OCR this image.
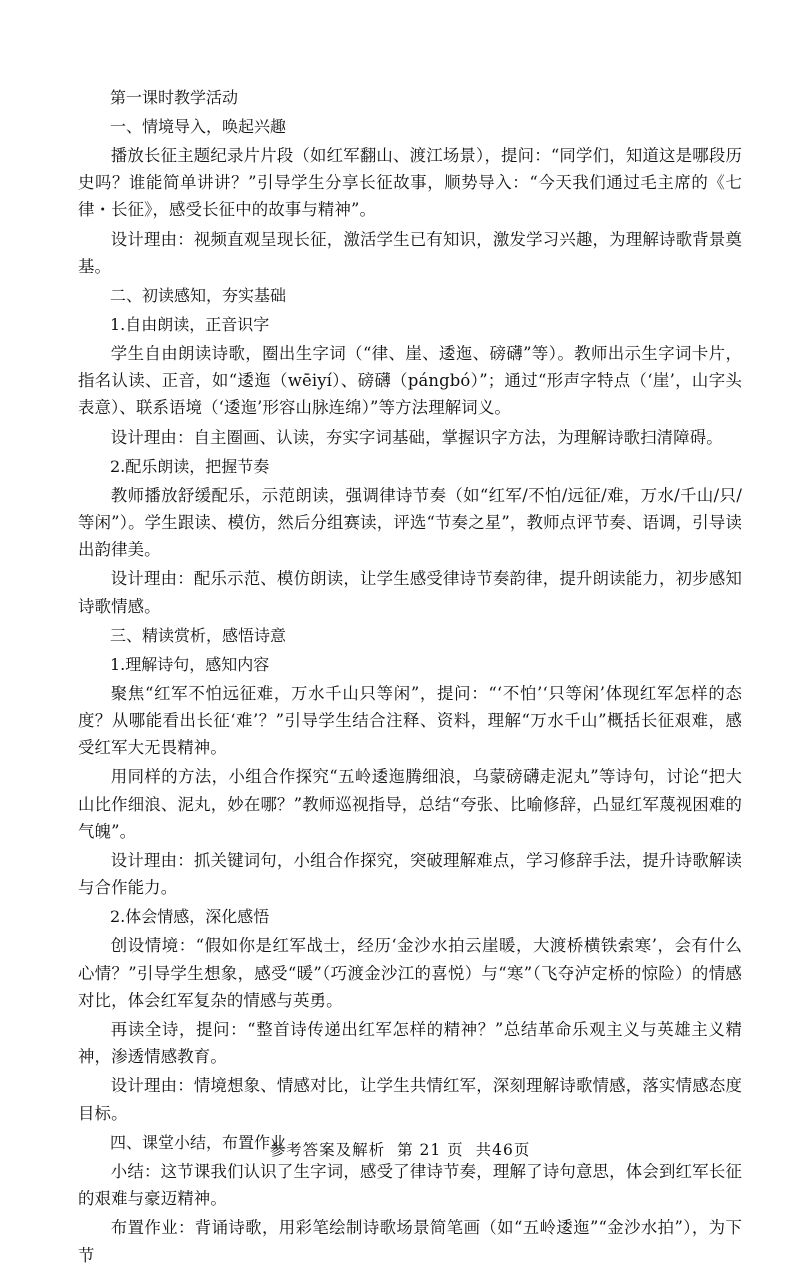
第一课时教学活动

一、情境导入，唤起兴趣

播放长征主题纪录片片段（如红军翻山、渡江场景），提问：“同学们，知道这是哪段历史吗？谁能简单讲讲？”引导学生分享长征故事，顺势导入：“今天我们通过毛主席的《七律・长征》，感受长征中的故事与精神”。

设计理由：视频直观呈现长征，激活学生已有知识，激发学习兴趣，为理解诗歌背景奠基。

二、初读感知，夯实基础

1.自由朗读，正音识字

学生自由朗读诗歌，圈出生字词（“律、崖、逶迤、磅礴”等）。教师出示生字词卡片，指名认读、正音，如“逶迤（wēiyí）、磅礴（pángbó）”；通过“形声字特点（‘崖’，山字头表意）、联系语境（‘逶迤’形容山脉连绵）”等方法理解词义。

设计理由：自主圈画、认读，夯实字词基础，掌握识字方法，为理解诗歌扫清障碍。

2.配乐朗读，把握节奏

教师播放舒缓配乐，示范朗读，强调律诗节奏（如“红军/不怕/远征/难，万水/千山/只/等闲”）。学生跟读、模仿，然后分组赛读，评选“节奏之星”，教师点评节奏、语调，引导读出韵律美。

设计理由：配乐示范、模仿朗读，让学生感受律诗节奏韵律，提升朗读能力，初步感知诗歌情感。

三、精读赏析，感悟诗意

1.理解诗句，感知内容

聚焦“红军不怕远征难，万水千山只等闲”，提问：“‘不怕’‘只等闲’体现红军怎样的态度？从哪能看出长征‘难’？”引导学生结合注释、资料，理解“万水千山”概括长征艰难，感受红军大无畏精神。

用同样的方法，小组合作探究“五岭逶迤腾细浪，乌蒙磅礴走泥丸”等诗句，讨论“把大山比作细浪、泥丸，妙在哪？”教师巡视指导，总结“夸张、比喻修辞，凸显红军蔑视困难的气魄”。

设计理由：抓关键词句，小组合作探究，突破理解难点，学习修辞手法，提升诗歌解读与合作能力。

2.体会情感，深化感悟

创设情境：“假如你是红军战士，经历‘金沙水拍云崖暖，大渡桥横铁索寒’，会有什么心情？”引导学生想象，感受“暖”（巧渡金沙江的喜悦）与“寒”（飞夺泸定桥的惊险）的情感对比，体会红军复杂的情感与英勇。

再读全诗，提问：“整首诗传递出红军怎样的精神？”总结革命乐观主义与英雄主义精神，渗透情感教育。

设计理由：情境想象、情感对比，让学生共情红军，深刻理解诗歌情感，落实情感态度目标。

四、课堂小结，布置作业

小结：这节课我们认识了生字词，感受了律诗节奏，理解了诗句意思，体会到红军长征的艰难与豪迈精神。

布置作业：背诵诗歌，用彩笔绘制诗歌场景简笔画（如“五岭逶迤”“金沙水拍”），为下节

参考答案及解析 第 21 页 共46页
